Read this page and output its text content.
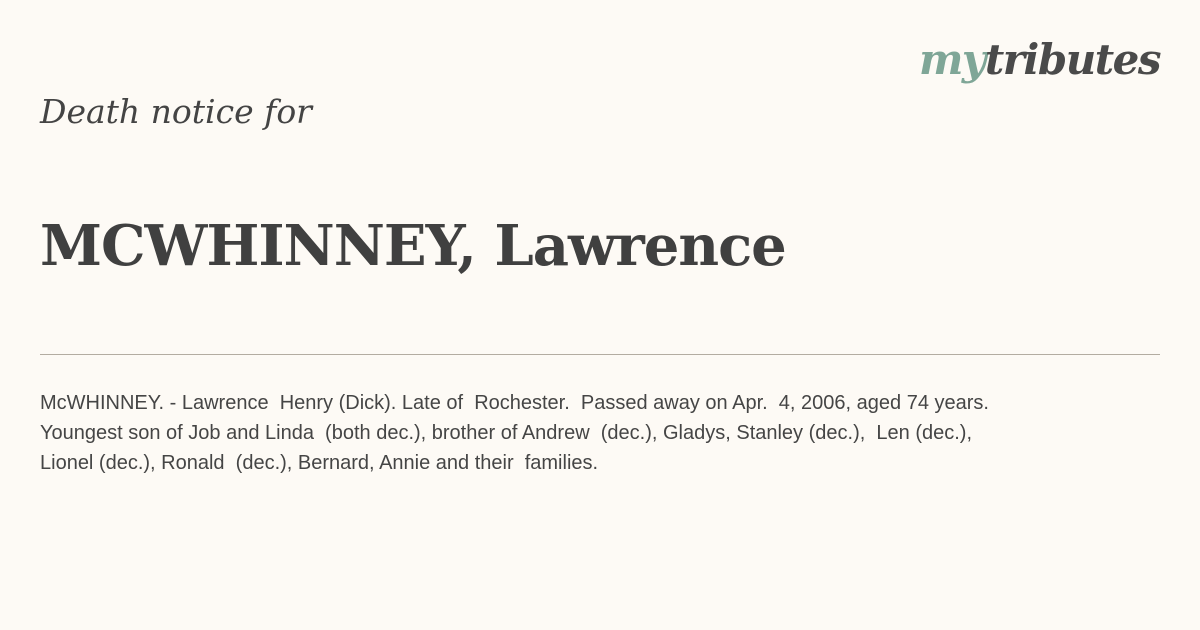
mytributes
Death notice for
MCWHINNEY, Lawrence

McWHINNEY. - Lawrence  Henry (Dick). Late of  Rochester.  Passed away on Apr.  4, 2006, aged 74 years.
Youngest son of Job and Linda  (both dec.), brother of Andrew  (dec.), Gladys, Stanley (dec.),  Len (dec.),
Lionel (dec.), Ronald  (dec.), Bernard, Annie and their  families.
